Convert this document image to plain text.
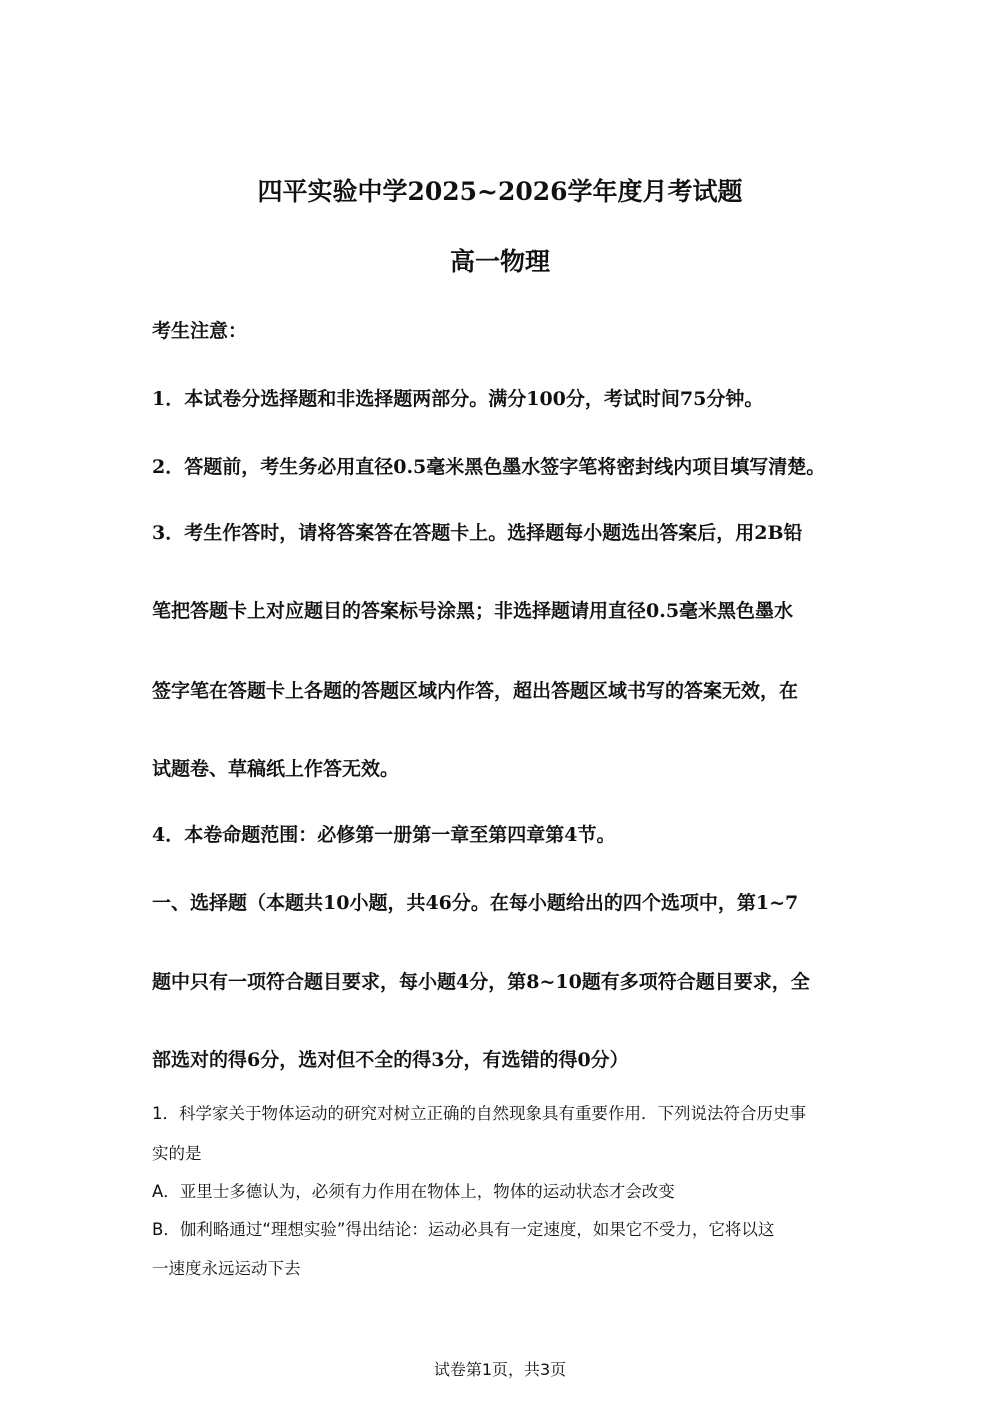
四平实验中学2025~2026学年度月考试题
高一物理
考生注意：
1．本试卷分选择题和非选择题两部分。满分100分，考试时间75分钟。
2．答题前，考生务必用直径0.5毫米黑色墨水签字笔将密封线内项目填写清楚。
3．考生作答时，请将答案答在答题卡上。选择题每小题选出答案后，用2B铅
笔把答题卡上对应题目的答案标号涂黑；非选择题请用直径0.5毫米黑色墨水
签字笔在答题卡上各题的答题区域内作答，超出答题区域书写的答案无效，在
试题卷、草稿纸上作答无效。
4．本卷命题范围：必修第一册第一章至第四章第4节。
一、选择题（本题共10小题，共46分。在每小题给出的四个选项中，第1~7
题中只有一项符合题目要求，每小题4分，第8~10题有多项符合题目要求，全
部选对的得6分，选对但不全的得3分，有选错的得0分）
1．科学家关于物体运动的研究对树立正确的自然现象具有重要作用．下列说法符合历史事
实的是
A．亚里士多德认为，必须有力作用在物体上，物体的运动状态才会改变
B．伽利略通过“理想实验”得出结论：运动必具有一定速度，如果它不受力，它将以这
一速度永远运动下去
试卷第1页，共3页
